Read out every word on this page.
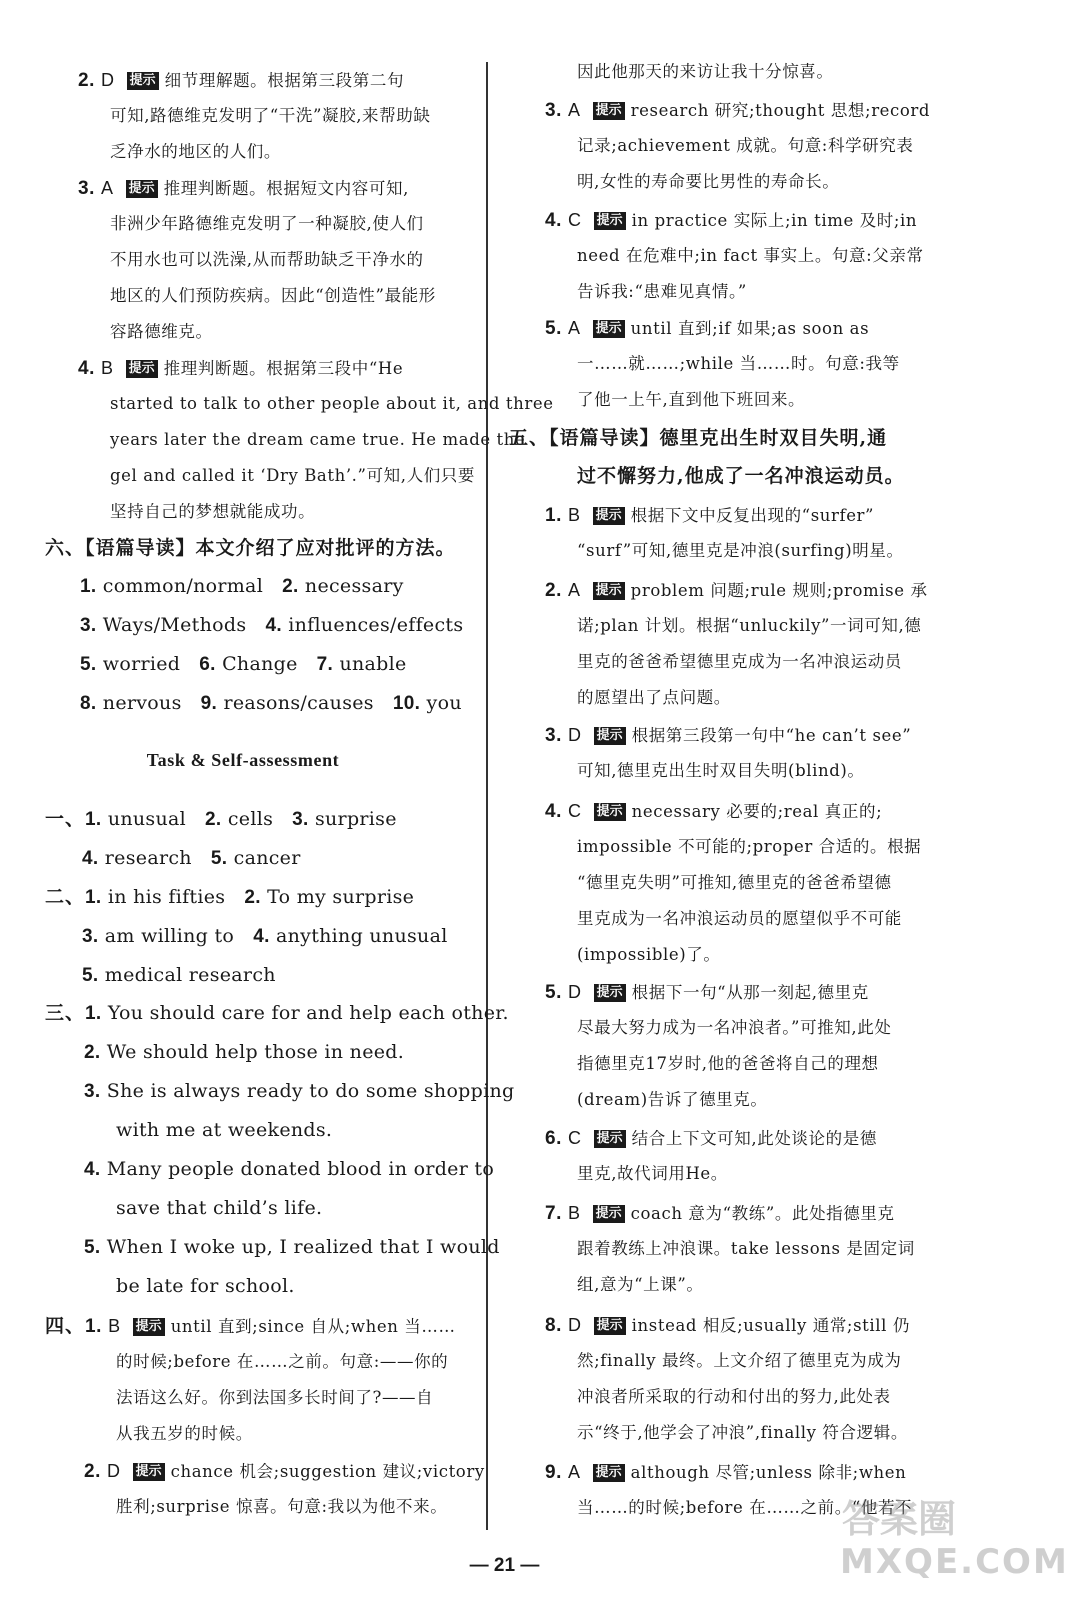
2. D 提示 细节理解题。根据第三段第二句
可知,路德维克发明了“干洗”凝胶,来帮助缺
乏净水的地区的人们。
3. A 提示 推理判断题。根据短文内容可知,
非洲少年路德维克发明了一种凝胶,使人们
不用水也可以洗澡,从而帮助缺乏干净水的
地区的人们预防疾病。因此“创造性”最能形
容路德维克。
4. B 提示 推理判断题。根据第三段中“He
started to talk to other people about it, and three
years later the dream came true. He made the
gel and called it ‘Dry Bath’.”可知,人们只要
坚持自己的梦想就能成功。
六、【语篇导读】本文介绍了应对批评的方法。
1. common/normal 2. necessary
3. Ways/Methods 4. influences/effects
5. worried 6. Change 7. unable
8. nervous 9. reasons/causes 10. you
Task & Self-assessment
一、1. unusual 2. cells 3. surprise
4. research 5. cancer
二、1. in his fifties 2. To my surprise
3. am willing to 4. anything unusual
5. medical research
三、1. You should care for and help each other.
2. We should help those in need.
3. She is always ready to do some shopping
with me at weekends.
4. Many people donated blood in order to
save that child’s life.
5. When I woke up, I realized that I would
be late for school.
四、1. B 提示 until 直到;since 自从;when 当……
的时候;before 在……之前。句意:——你的
法语这么好。你到法国多长时间了?——自
从我五岁的时候。
2. D 提示 chance 机会;suggestion 建议;victory
胜利;surprise 惊喜。句意:我以为他不来。
因此他那天的来访让我十分惊喜。
3. A 提示 research 研究;thought 思想;record
记录;achievement 成就。句意:科学研究表
明,女性的寿命要比男性的寿命长。
4. C 提示 in practice 实际上;in time 及时;in
need 在危难中;in fact 事实上。句意:父亲常
告诉我:“患难见真情。”
5. A 提示 until 直到;if 如果;as soon as
一……就……;while 当……时。句意:我等
了他一上午,直到他下班回来。
五、【语篇导读】德里克出生时双目失明,通
过不懈努力,他成了一名冲浪运动员。
1. B 提示 根据下文中反复出现的“surfer”
“surf”可知,德里克是冲浪(surfing)明星。
2. A 提示 problem 问题;rule 规则;promise 承
诺;plan 计划。根据“unluckily”一词可知,德
里克的爸爸希望德里克成为一名冲浪运动员
的愿望出了点问题。
3. D 提示 根据第三段第一句中“he can’t see”
可知,德里克出生时双目失明(blind)。
4. C 提示 necessary 必要的;real 真正的;
impossible 不可能的;proper 合适的。根据
“德里克失明”可推知,德里克的爸爸希望德
里克成为一名冲浪运动员的愿望似乎不可能
(impossible)了。
5. D 提示 根据下一句“从那一刻起,德里克
尽最大努力成为一名冲浪者。”可推知,此处
指德里克17岁时,他的爸爸将自己的理想
(dream)告诉了德里克。
6. C 提示 结合上下文可知,此处谈论的是德
里克,故代词用He。
7. B 提示 coach 意为“教练”。此处指德里克
跟着教练上冲浪课。take lessons 是固定词
组,意为“上课”。
8. D 提示 instead 相反;usually 通常;still 仍
然;finally 最终。上文介绍了德里克为成为
冲浪者所采取的行动和付出的努力,此处表
示“终于,他学会了冲浪”,finally 符合逻辑。
9. A 提示 although 尽管;unless 除非;when
当……的时候;before 在……之前。“他若不
答案圈
MXQE.COM
— 21 —
